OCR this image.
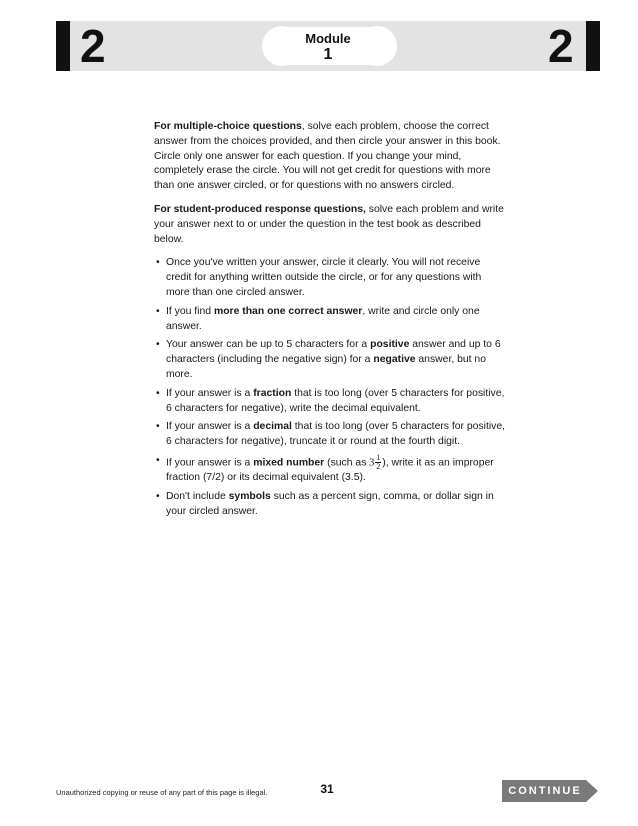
2	2
Module
1

For multiple-choice questions, solve each problem, choose the correct answer from the choices provided, and then circle your answer in this book. Circle only one answer for each question. If you change your mind, completely erase the circle. You will not get credit for questions with more than one answer circled, or for questions with no answers circled.

For student-produced response questions, solve each problem and write your answer next to or under the question in the test book as described below.

• Once you've written your answer, circle it clearly. You will not receive credit for anything written outside the circle, or for any questions with more than one circled answer.
• If you find more than one correct answer, write and circle only one answer.
• Your answer can be up to 5 characters for a positive answer and up to 6 characters (including the negative sign) for a negative answer, but no more.
• If your answer is a fraction that is too long (over 5 characters for positive, 6 characters for negative), write the decimal equivalent.
• If your answer is a decimal that is too long (over 5 characters for positive, 6 characters for negative), truncate it or round at the fourth digit.
• If your answer is a mixed number (such as $3 \frac{1}{2}$ ), write it as an improper fraction (7/2) or its decimal equivalent (3.5).
• Don't include symbols such as a percent sign, comma, or dollar sign in your circled answer.
Unauthorized copying or reuse of any part of this page is illegal.	31	CONTINUE
